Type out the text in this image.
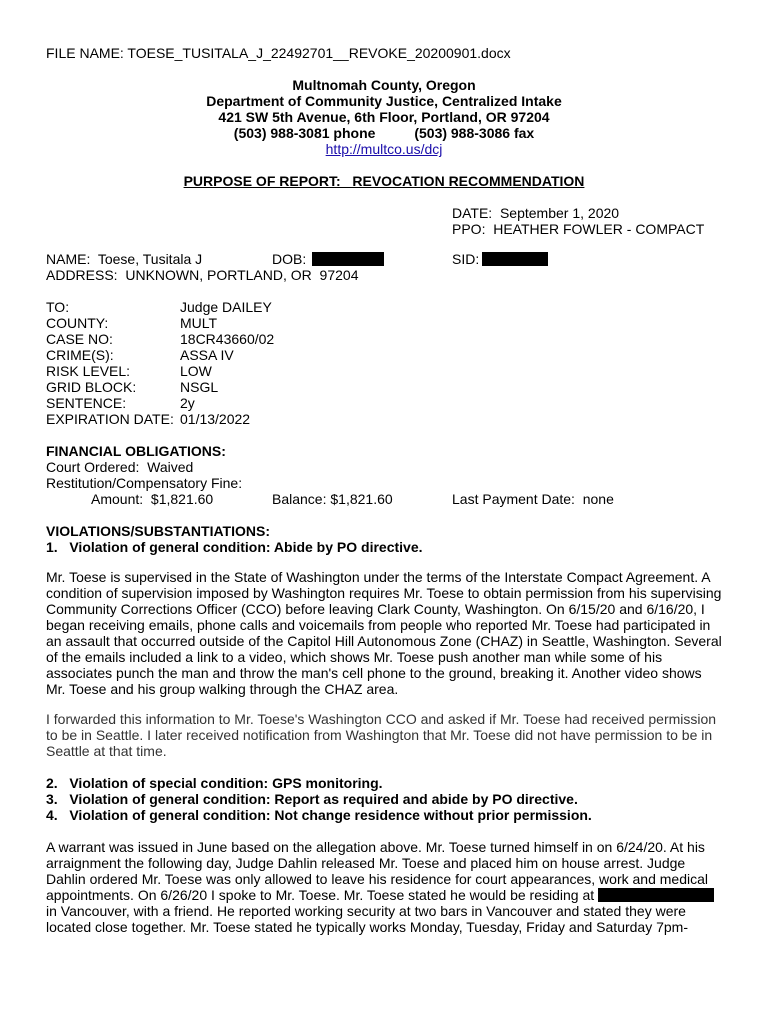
FILE NAME: TOESE_TUSITALA_J_22492701__REVOKE_20200901.docx
Multnomah County, Oregon
Department of Community Justice, Centralized Intake
421 SW 5th Avenue, 6th Floor, Portland, OR 97204
(503) 988-3081 phone	(503) 988-3086 fax
http://multco.us/dcj
PURPOSE OF REPORT:   REVOCATION RECOMMENDATION
DATE:  September 1, 2020
PPO:  HEATHER FOWLER - COMPACT

NAME:  Toese, Tusitala J

	DOB:

	SID:

ADDRESS:  UNKNOWN, PORTLAND, OR  97204
TO:	Judge DAILEY
COUNTY:	MULT
CASE NO:	18CR43660/02
CRIME(S):	ASSA IV
RISK LEVEL:	LOW
GRID BLOCK:	NSGL
SENTENCE:	2y
EXPIRATION DATE: 01/13/2022
FINANCIAL OBLIGATIONS:
Court Ordered:  Waived
Restitution/Compensatory Fine:

Amount:  $1,821.60

	Balance: $1,821.60

	Last Payment Date:  none

VIOLATIONS/SUBSTANTIATIONS:
1.   Violation of general condition: Abide by PO directive.

Mr. Toese is supervised in the State of Washington under the terms of the Interstate Compact Agreement. A condition of supervision imposed by Washington requires Mr. Toese to obtain permission from his supervising Community Corrections Officer (CCO) before leaving Clark County, Washington. On 6/15/20 and 6/16/20, I began receiving emails, phone calls and voicemails from people who reported Mr. Toese had participated in an assault that occurred outside of the Capitol Hill Autonomous Zone (CHAZ) in Seattle, Washington. Several of the emails included a link to a video, which shows Mr. Toese push another man while some of his associates punch the man and throw the man's cell phone to the ground, breaking it. Another video shows Mr. Toese and his group walking through the CHAZ area.

I forwarded this information to Mr. Toese's Washington CCO and asked if Mr. Toese had received permission to be in Seattle. I later received notification from Washington that Mr. Toese did not have permission to be in Seattle at that time.

2.   Violation of special condition: GPS monitoring.
3.   Violation of general condition: Report as required and abide by PO directive.
4.   Violation of general condition: Not change residence without prior permission.

A warrant was issued in June based on the allegation above. Mr. Toese turned himself in on 6/24/20. At his arraignment the following day, Judge Dahlin released Mr. Toese and placed him on house arrest. Judge Dahlin ordered Mr. Toese was only allowed to leave his residence for court appearances, work and medical appointments. On 6/26/20 I spoke to Mr. Toese. Mr. Toese stated he would be residing at  in Vancouver, with a friend. He reported working security at two bars in Vancouver and stated they were located close together. Mr. Toese stated he typically works Monday, Tuesday, Friday and Saturday 7pm-
